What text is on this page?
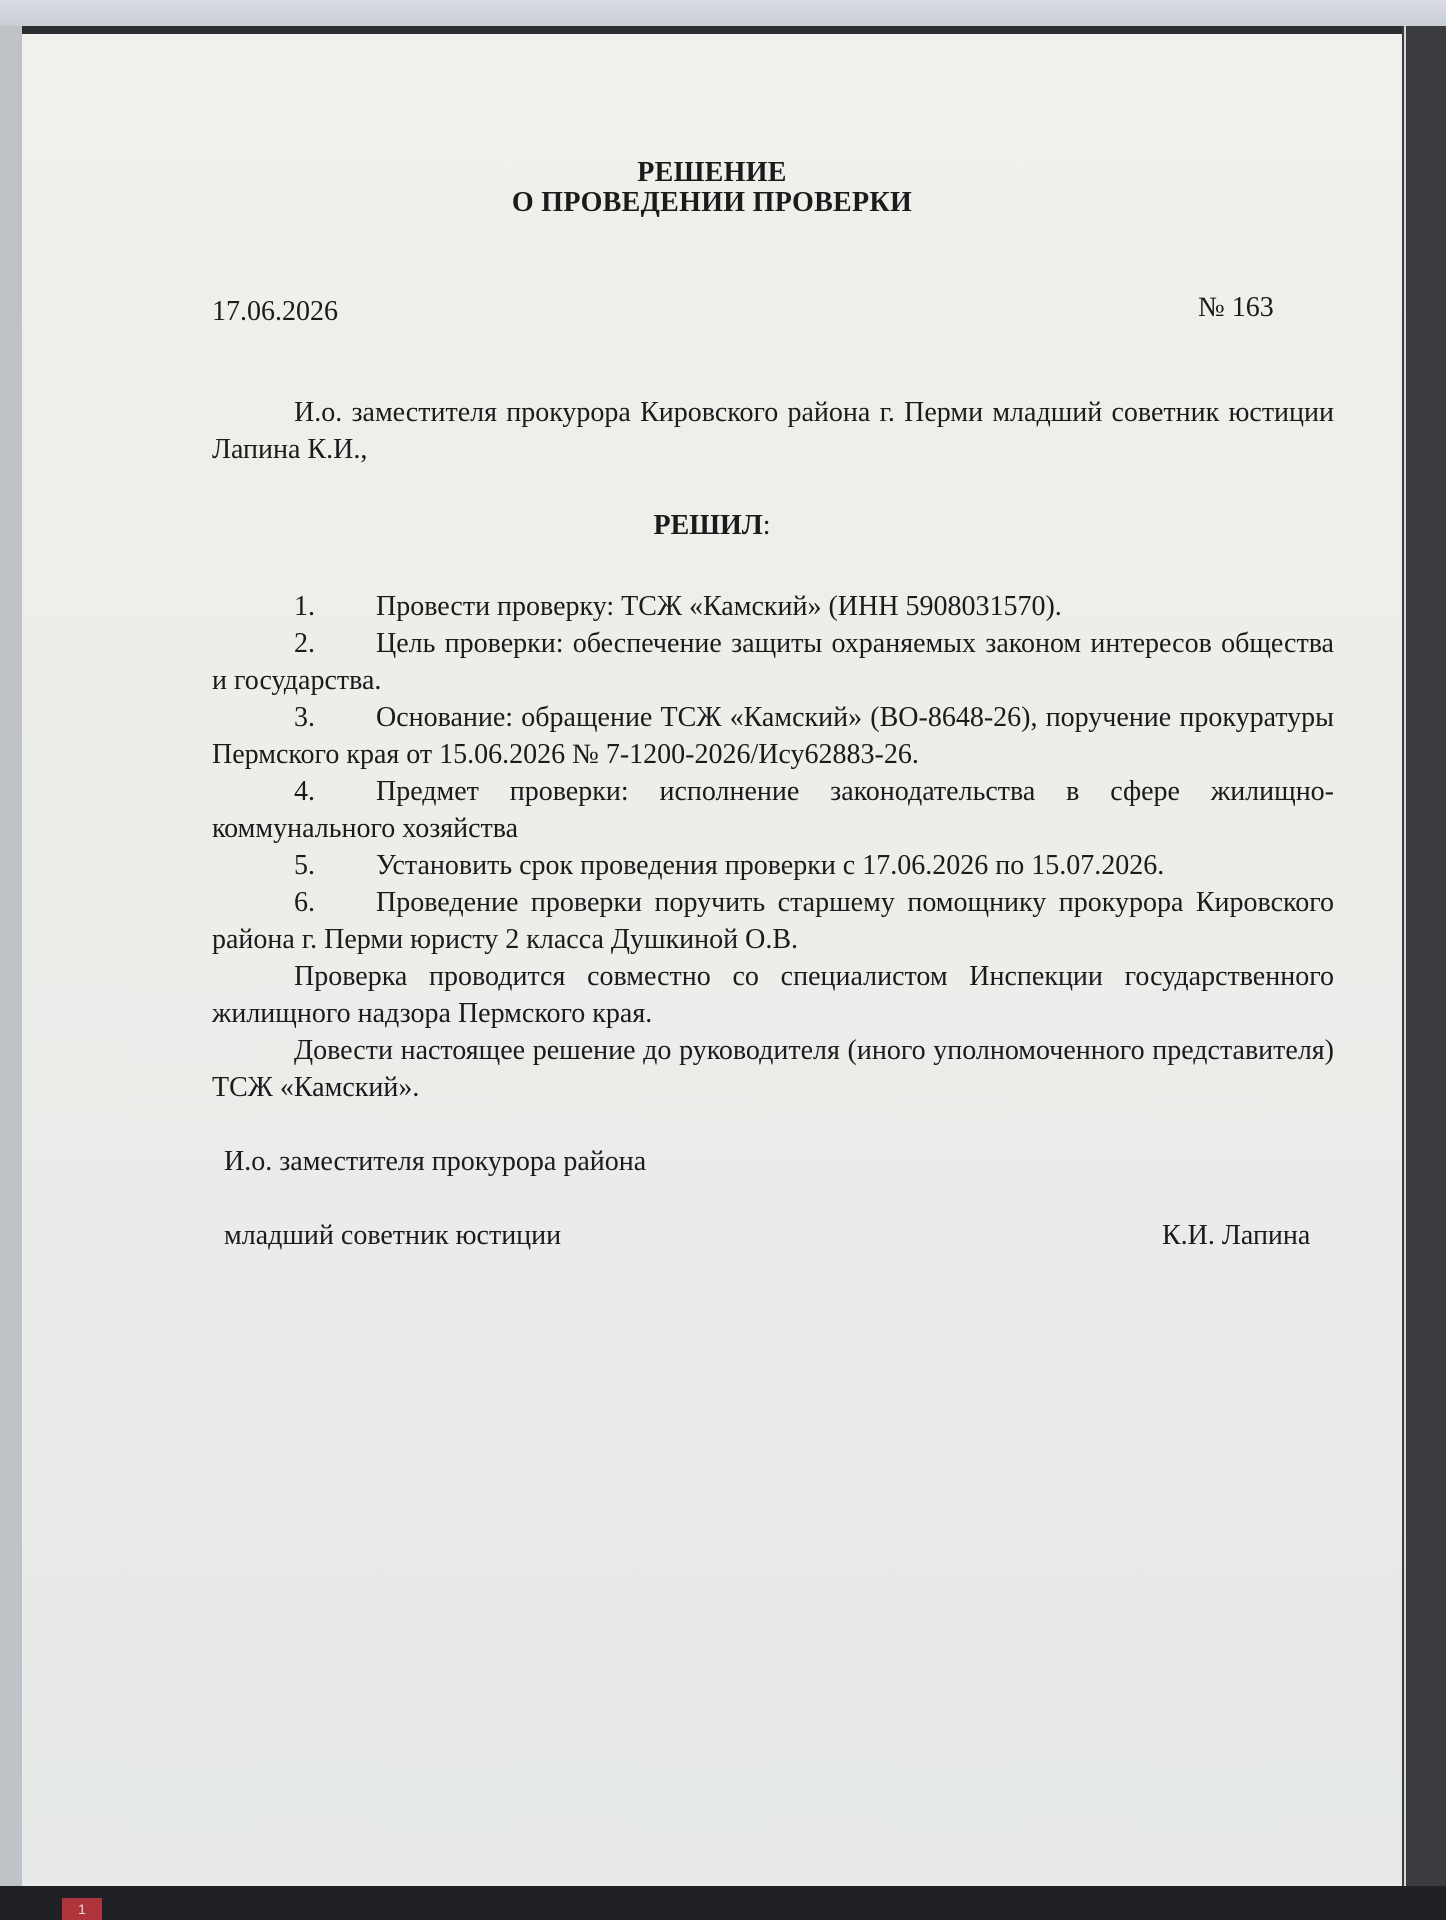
РЕШЕНИЕ
О ПРОВЕДЕНИИ ПРОВЕРКИ
17.06.2026	№ 163

И.о. заместителя прокурора Кировского района г. Перми младший советник юстиции Лапина К.И.,

РЕШИЛ:

1. Провести проверку: ТСЖ «Камский» (ИНН 5908031570).

2. Цель проверки: обеспечение защиты охраняемых законом интересов общества и государства.

3. Основание: обращение ТСЖ «Камский» (ВО-8648-26), поручение прокуратуры Пермского края от 15.06.2026 № 7-1200-2026/Ису62883-26.

4. Предмет проверки: исполнение законодательства в сфере жилищно-коммунального хозяйства

5. Установить срок проведения проверки с 17.06.2026 по 15.07.2026.

6. Проведение проверки поручить старшему помощнику прокурора Кировского района г. Перми юристу 2 класса Душкиной О.В.

Проверка проводится совместно со специалистом Инспекции государственного жилищного надзора Пермского края.

Довести настоящее решение до руководителя (иного уполномоченного представителя) ТСЖ «Камский».

И.о. заместителя прокурора района
младший советник юстиции	К.И. Лапина
1
